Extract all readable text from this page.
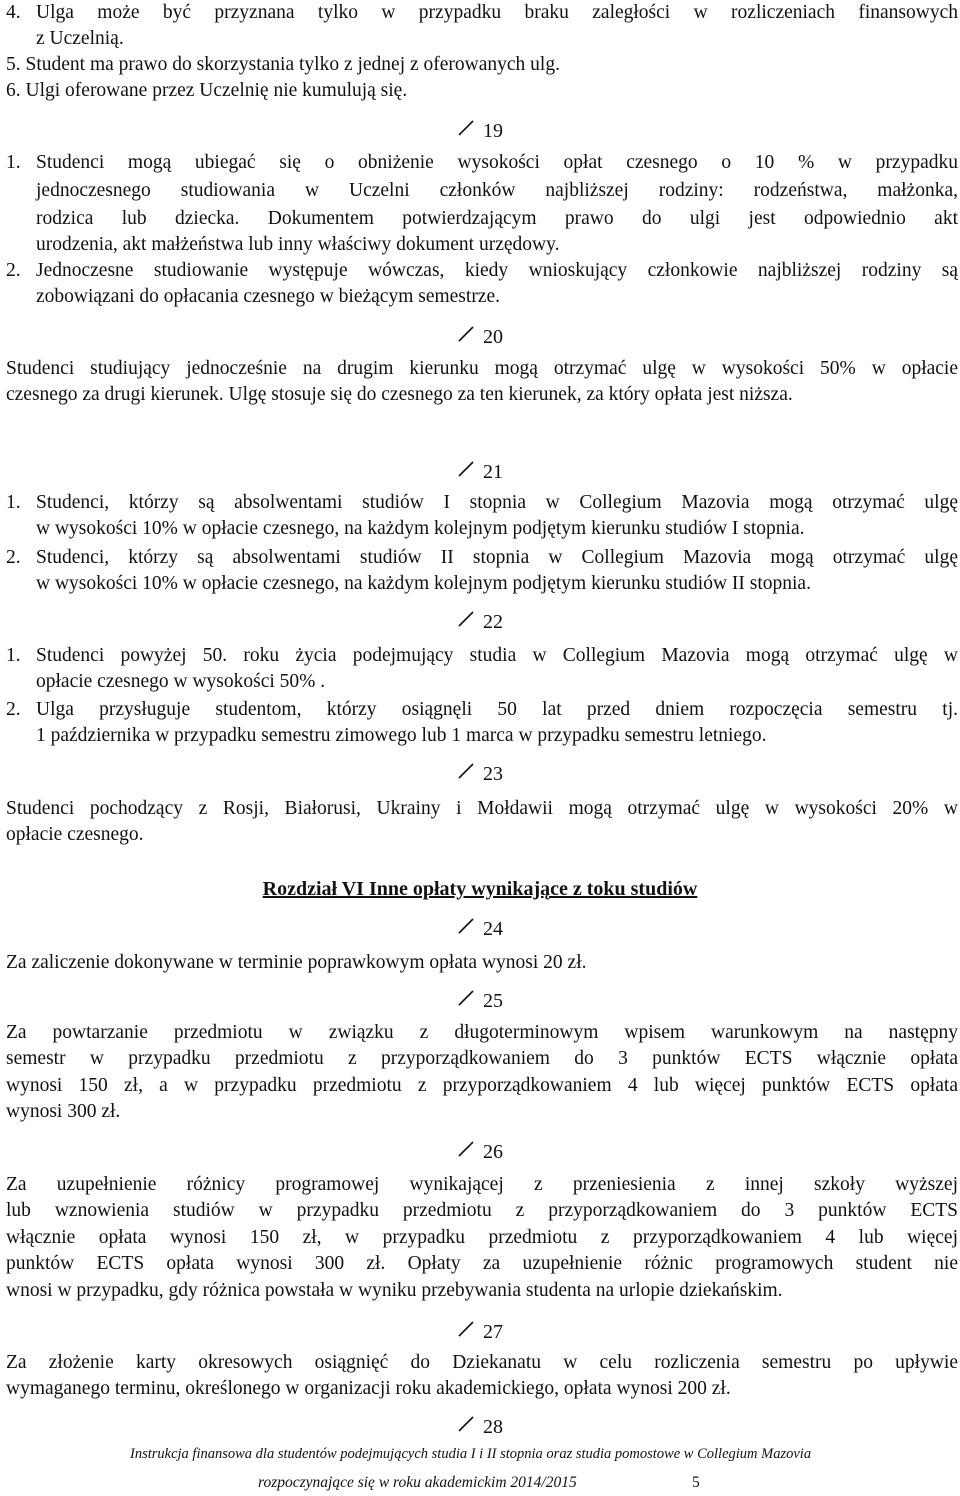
4. Ulga może być przyznana tylko w przypadku braku zaległości w rozliczeniach finansowych

z Uczelnią.

5. Student ma prawo do skorzystania tylko z jednej z oferowanych ulg.

6. Ulgi oferowane przez Uczelnię nie kumulują się.

19

1. Studenci mogą ubiegać się o obniżenie wysokości opłat czesnego o 10 % w przypadku

jednoczesnego studiowania w Uczelni członków najbliższej rodziny: rodzeństwa, małżonka,

rodzica lub dziecka. Dokumentem potwierdzającym prawo do ulgi jest odpowiednio akt

urodzenia, akt małżeństwa lub inny właściwy dokument urzędowy.

2. Jednoczesne studiowanie występuje wówczas, kiedy wnioskujący członkowie najbliższej rodziny są

zobowiązani do opłacania czesnego w bieżącym semestrze.

20

Studenci studiujący jednocześnie na drugim kierunku mogą otrzymać ulgę w wysokości 50% w opłacie

czesnego za drugi kierunek. Ulgę stosuje się do czesnego za ten kierunek, za który opłata jest niższa.

21

1. Studenci, którzy są absolwentami studiów I stopnia w Collegium Mazovia mogą otrzymać ulgę

w wysokości 10% w opłacie czesnego, na każdym kolejnym podjętym kierunku studiów I stopnia.

2. Studenci, którzy są absolwentami studiów II stopnia w Collegium Mazovia mogą otrzymać ulgę

w wysokości 10% w opłacie czesnego, na każdym kolejnym podjętym kierunku studiów II stopnia.

22

1. Studenci powyżej 50. roku życia podejmujący studia w Collegium Mazovia mogą otrzymać ulgę w

opłacie czesnego w wysokości 50% .

2. Ulga przysługuje studentom, którzy osiągnęli 50 lat przed dniem rozpoczęcia semestru tj.

1 października w przypadku semestru zimowego lub 1 marca w przypadku semestru letniego.

23

Studenci pochodzący z Rosji, Białorusi, Ukrainy i Mołdawii mogą otrzymać ulgę w wysokości 20% w

opłacie czesnego.

Rozdział VI Inne opłaty wynikające z toku studiów

24

Za zaliczenie dokonywane w terminie poprawkowym opłata wynosi 20 zł.

25

Za powtarzanie przedmiotu w związku z długoterminowym wpisem warunkowym na następny

semestr w przypadku przedmiotu z przyporządkowaniem do 3 punktów ECTS włącznie opłata

wynosi 150 zł, a w przypadku przedmiotu z przyporządkowaniem 4 lub więcej punktów ECTS opłata

wynosi 300 zł.

26

Za uzupełnienie różnicy programowej wynikającej z przeniesienia z innej szkoły wyższej

lub wznowienia studiów w przypadku przedmiotu z przyporządkowaniem do 3 punktów ECTS

włącznie opłata wynosi 150 zł, w przypadku przedmiotu z przyporządkowaniem 4 lub więcej

punktów ECTS opłata wynosi 300 zł. Opłaty za uzupełnienie różnic programowych student nie

wnosi w przypadku, gdy różnica powstała w wyniku przebywania studenta na urlopie dziekańskim.

27

Za złożenie karty okresowych osiągnięć do Dziekanatu w celu rozliczenia semestru po upływie

wymaganego terminu, określonego w organizacji roku akademickiego, opłata wynosi 200 zł.

28

Instrukcja finansowa dla studentów podejmujących studia I i II stopnia oraz studia pomostowe w Collegium Mazovia

rozpoczynające się w roku akademickim 2014/2015	5
